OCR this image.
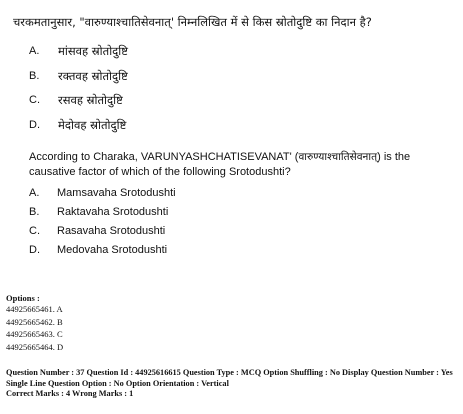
चरकमतानुसार, "वारुण्याश्चातिसेवनात्' निम्नलिखित में से किस स्रोतोदुष्टि का निदान है?
A. मांसवह स्रोतोदुष्टि
B. रक्तवह स्रोतोदुष्टि
C. रसवह स्रोतोदुष्टि
D. मेदोवह स्रोतोदुष्टि
According to Charaka, VARUNYASHCHATISEVANAT' (वारुण्याश्चातिसेवनात्) is the
causative factor of which of the following Srotodushti?
A. Mamsavaha Srotodushti
B. Raktavaha Srotodushti
C. Rasavaha Srotodushti
D. Medovaha Srotodushti
Options :
44925665461. A
44925665462. B
44925665463. C
44925665464. D
Question Number : 37 Question Id : 44925616615 Question Type : MCQ Option Shuffling : No Display Question Number : Yes
Single Line Question Option : No Option Orientation : Vertical
Correct Marks : 4 Wrong Marks : 1
